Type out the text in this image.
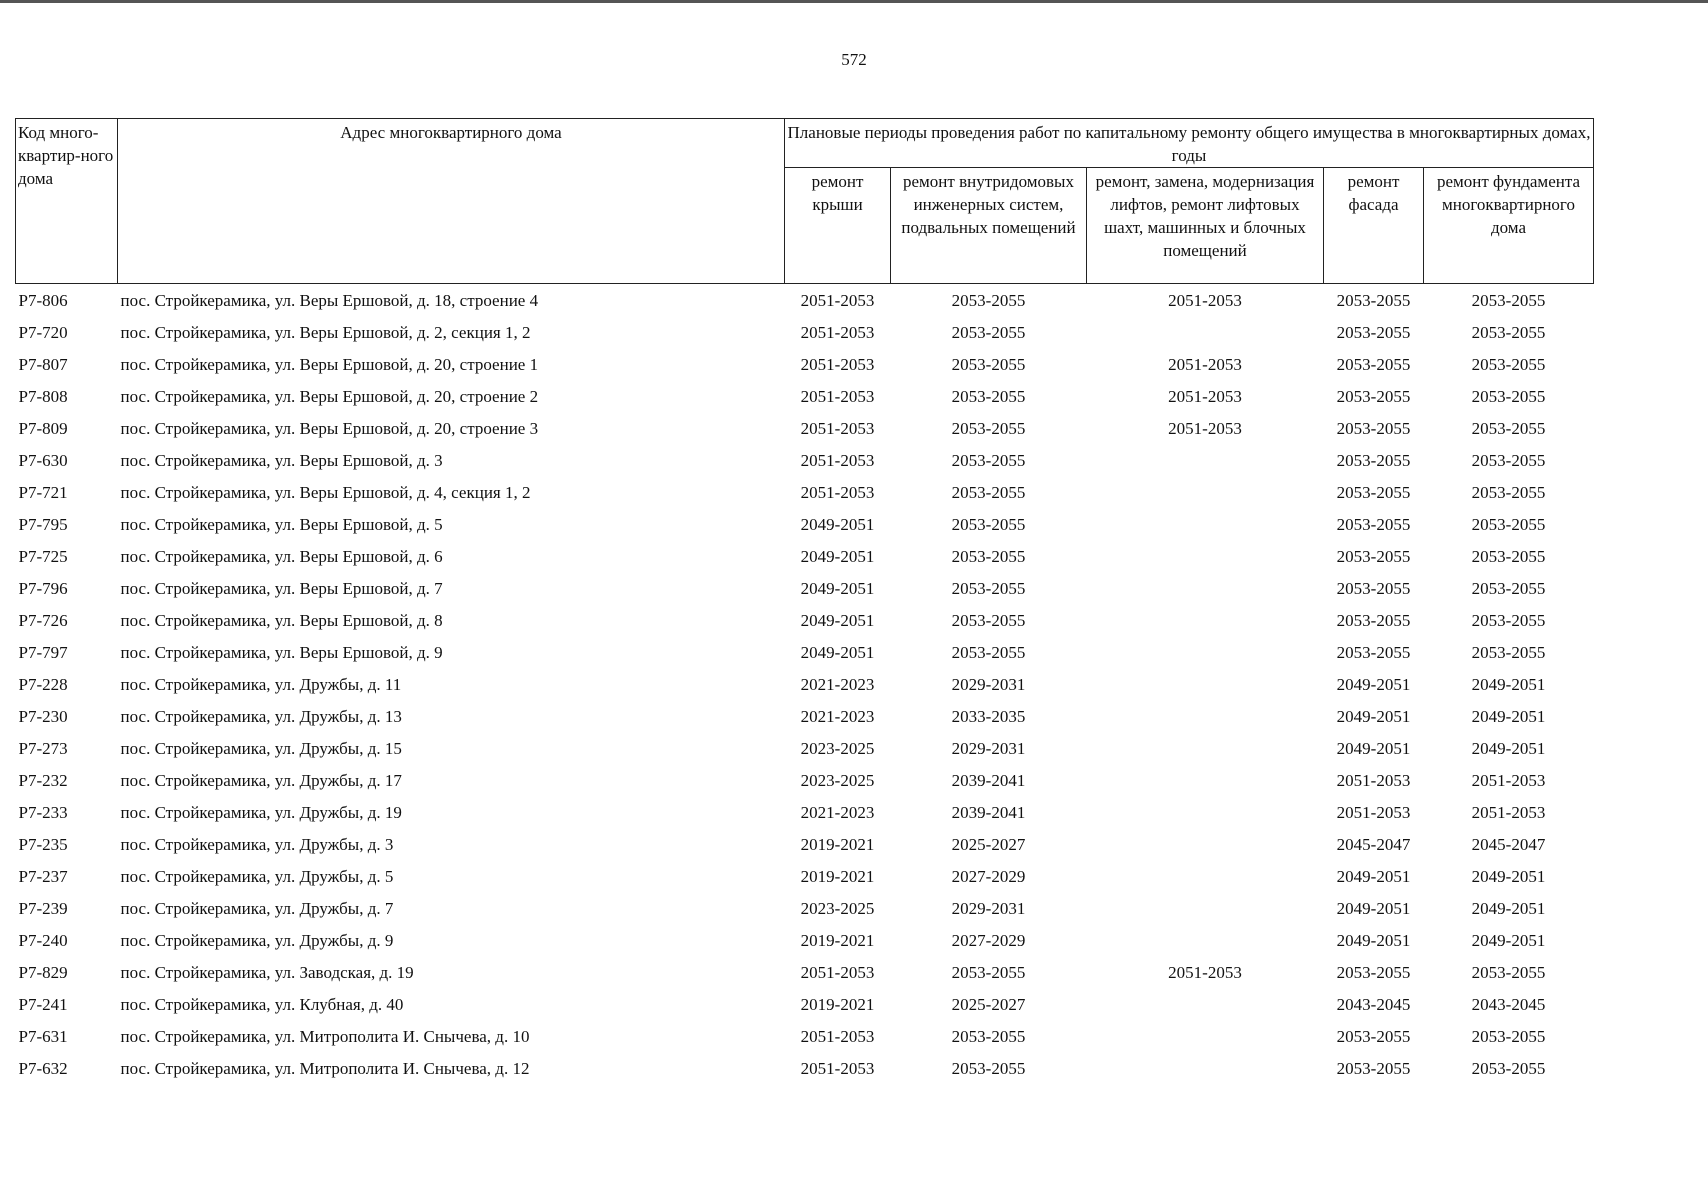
572
Код много-квартир-ного дома	Адрес многоквартирного дома	Плановые периоды проведения работ по капитальному ремонту общего имущества в многоквартирных домах, годы				
		ремонт крыши	ремонт внутридомовых инженерных систем, подвальных помещений	ремонт, замена, модернизация лифтов, ремонт лифтовых шахт, машинных и блочных помещений	ремонт фасада	ремонт фундамента многоквартирного дома
Р7-806	пос. Стройкерамика, ул. Веры Ершовой, д. 18, строение 4	2051-2053	2053-2055	2051-2053	2053-2055	2053-2055
Р7-720	пос. Стройкерамика, ул. Веры Ершовой, д. 2, секция 1, 2	2051-2053	2053-2055		2053-2055	2053-2055
Р7-807	пос. Стройкерамика, ул. Веры Ершовой, д. 20, строение 1	2051-2053	2053-2055	2051-2053	2053-2055	2053-2055
Р7-808	пос. Стройкерамика, ул. Веры Ершовой, д. 20, строение 2	2051-2053	2053-2055	2051-2053	2053-2055	2053-2055
Р7-809	пос. Стройкерамика, ул. Веры Ершовой, д. 20, строение 3	2051-2053	2053-2055	2051-2053	2053-2055	2053-2055
Р7-630	пос. Стройкерамика, ул. Веры Ершовой, д. 3	2051-2053	2053-2055		2053-2055	2053-2055
Р7-721	пос. Стройкерамика, ул. Веры Ершовой, д. 4, секция 1, 2	2051-2053	2053-2055		2053-2055	2053-2055
Р7-795	пос. Стройкерамика, ул. Веры Ершовой, д. 5	2049-2051	2053-2055		2053-2055	2053-2055
Р7-725	пос. Стройкерамика, ул. Веры Ершовой, д. 6	2049-2051	2053-2055		2053-2055	2053-2055
Р7-796	пос. Стройкерамика, ул. Веры Ершовой, д. 7	2049-2051	2053-2055		2053-2055	2053-2055
Р7-726	пос. Стройкерамика, ул. Веры Ершовой, д. 8	2049-2051	2053-2055		2053-2055	2053-2055
Р7-797	пос. Стройкерамика, ул. Веры Ершовой, д. 9	2049-2051	2053-2055		2053-2055	2053-2055
Р7-228	пос. Стройкерамика, ул. Дружбы, д. 11	2021-2023	2029-2031		2049-2051	2049-2051
Р7-230	пос. Стройкерамика, ул. Дружбы, д. 13	2021-2023	2033-2035		2049-2051	2049-2051
Р7-273	пос. Стройкерамика, ул. Дружбы, д. 15	2023-2025	2029-2031		2049-2051	2049-2051
Р7-232	пос. Стройкерамика, ул. Дружбы, д. 17	2023-2025	2039-2041		2051-2053	2051-2053
Р7-233	пос. Стройкерамика, ул. Дружбы, д. 19	2021-2023	2039-2041		2051-2053	2051-2053
Р7-235	пос. Стройкерамика, ул. Дружбы, д. 3	2019-2021	2025-2027		2045-2047	2045-2047
Р7-237	пос. Стройкерамика, ул. Дружбы, д. 5	2019-2021	2027-2029		2049-2051	2049-2051
Р7-239	пос. Стройкерамика, ул. Дружбы, д. 7	2023-2025	2029-2031		2049-2051	2049-2051
Р7-240	пос. Стройкерамика, ул. Дружбы, д. 9	2019-2021	2027-2029		2049-2051	2049-2051
Р7-829	пос. Стройкерамика, ул. Заводская, д. 19	2051-2053	2053-2055	2051-2053	2053-2055	2053-2055
Р7-241	пос. Стройкерамика, ул. Клубная, д. 40	2019-2021	2025-2027		2043-2045	2043-2045
Р7-631	пос. Стройкерамика, ул. Митрополита И. Снычева, д. 10	2051-2053	2053-2055		2053-2055	2053-2055
Р7-632	пос. Стройкерамика, ул. Митрополита И. Снычева, д. 12	2051-2053	2053-2055		2053-2055	2053-2055
